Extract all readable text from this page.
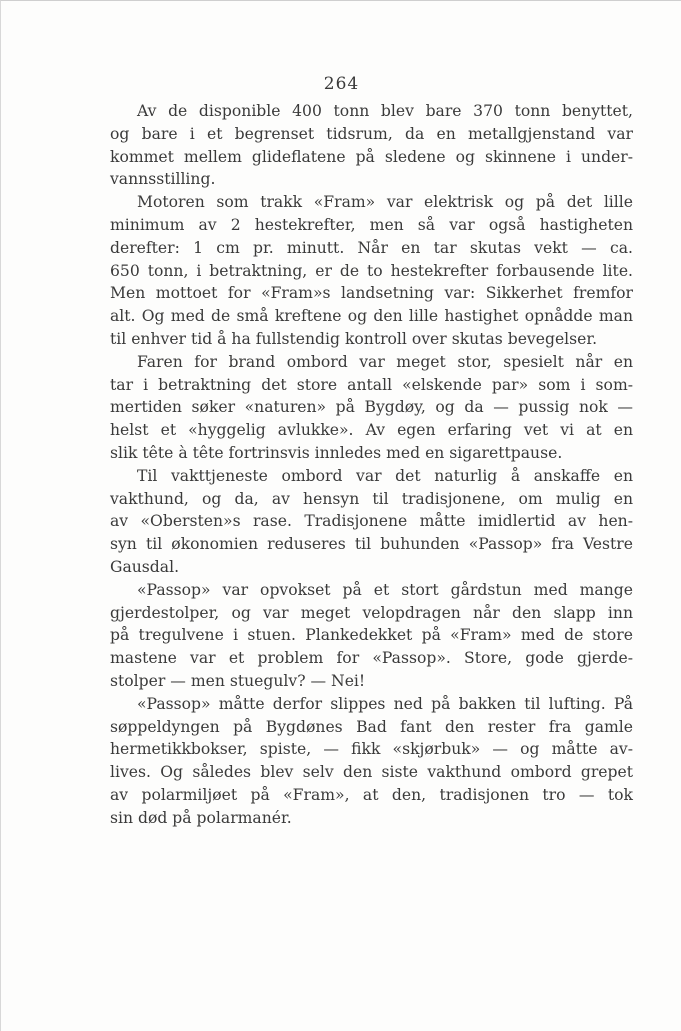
264
Av de disponible 400 tonn blev bare 370 tonn benyttet,
og bare i et begrenset tidsrum, da en metallgjenstand var
kommet mellem glideflatene på sledene og skinnene i under-
vannsstilling.
Motoren som trakk «Fram» var elektrisk og på det lille
minimum av 2 hestekrefter, men så var også hastigheten
derefter: 1 cm pr. minutt. Når en tar skutas vekt — ca.
650 tonn, i betraktning, er de to hestekrefter forbausende lite.
Men mottoet for «Fram»s landsetning var: Sikkerhet fremfor
alt. Og med de små kreftene og den lille hastighet opnådde man
til enhver tid å ha fullstendig kontroll over skutas bevegelser.
Faren for brand ombord var meget stor, spesielt når en
tar i betraktning det store antall «elskende par» som i som-
mertiden søker «naturen» på Bygdøy, og da — pussig nok —
helst et «hyggelig avlukke». Av egen erfaring vet vi at en
slik tête à tête fortrinsvis innledes med en sigarettpause.
Til vakttjeneste ombord var det naturlig å anskaffe en
vakthund, og da, av hensyn til tradisjonene, om mulig en
av «Obersten»s rase. Tradisjonene måtte imidlertid av hen-
syn til økonomien reduseres til buhunden «Passop» fra Vestre
Gausdal.
«Passop» var opvokset på et stort gårdstun med mange
gjerdestolper, og var meget velopdragen når den slapp inn
på tregulvene i stuen. Plankedekket på «Fram» med de store
mastene var et problem for «Passop». Store, gode gjerde-
stolper — men stuegulv? — Nei!
«Passop» måtte derfor slippes ned på bakken til lufting. På
søppeldyngen på Bygdønes Bad fant den rester fra gamle
hermetikkbokser, spiste, — fikk «skjørbuk» — og måtte av-
lives. Og således blev selv den siste vakthund ombord grepet
av polarmiljøet på «Fram», at den, tradisjonen tro — tok
sin død på polarmanér.
